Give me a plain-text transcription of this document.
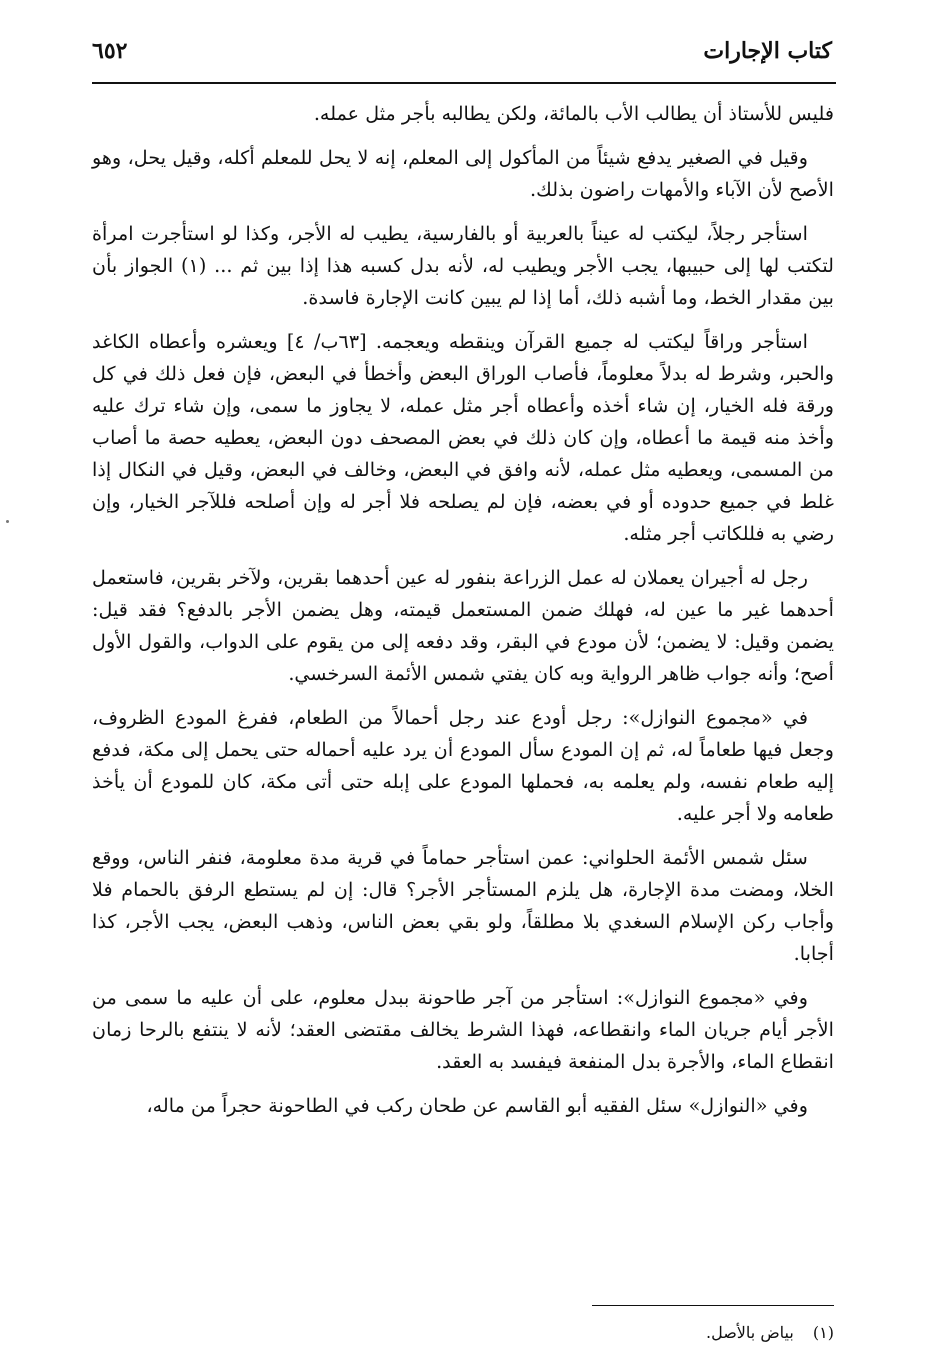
كتاب الإجارات
٦٥٢

فليس للأستاذ أن يطالب الأب بالمائة، ولكن يطالبه بأجر مثل عمله.

وقيل في الصغير يدفع شيئاً من المأكول إلى المعلم، إنه لا يحل للمعلم أكله، وقيل يحل، وهو الأصح لأن الآباء والأمهات راضون بذلك.

استأجر رجلاً، ليكتب له عيناً بالعربية أو بالفارسية، يطيب له الأجر، وكذا لو استأجرت امرأة لتكتب لها إلى حبيبها، يجب الأجر ويطيب له، لأنه بدل كسبه هذا إذا بين ثم ... (١) الجواز بأن بين مقدار الخط، وما أشبه ذلك، أما إذا لم يبين كانت الإجارة فاسدة.

استأجر وراقاً ليكتب له جميع القرآن وينقطه ويعجمه. [٦٣ب/ ٤] ويعشره وأعطاه الكاغد والحبر، وشرط له بدلاً معلوماً، فأصاب الوراق البعض وأخطأ في البعض، فإن فعل ذلك في كل ورقة فله الخيار، إن شاء أخذه وأعطاه أجر مثل عمله، لا يجاوز ما سمى، وإن شاء ترك عليه وأخذ منه قيمة ما أعطاه، وإن كان ذلك في بعض المصحف دون البعض، يعطيه حصة ما أصاب من المسمى، ويعطيه مثل عمله، لأنه وافق في البعض، وخالف في البعض، وقيل في النكال إذا غلط في جميع حدوده أو في بعضه، فإن لم يصلحه فلا أجر له وإن أصلحه فللآجر الخيار، وإن رضي به فللكاتب أجر مثله.

رجل له أجيران يعملان له عمل الزراعة بنفور له عين أحدهما بقرين، ولآخر بقرين، فاستعمل أحدهما غير ما عين له، فهلك ضمن المستعمل قيمته، وهل يضمن الأجر بالدفع؟ فقد قيل: يضمن وقيل: لا يضمن؛ لأن مودع في البقر، وقد دفعه إلى من يقوم على الدواب، والقول الأول أصح؛ وأنه جواب ظاهر الرواية وبه كان يفتي شمس الأئمة السرخسي.

في «مجموع النوازل»: رجل أودع عند رجل أحمالاً من الطعام، ففرغ المودع الظروف، وجعل فيها طعاماً له، ثم إن المودع سأل المودع أن يرد عليه أحماله حتى يحمل إلى مكة، فدفع إليه طعام نفسه، ولم يعلمه به، فحملها المودع على إبله حتى أتى مكة، كان للمودع أن يأخذ طعامه ولا أجر عليه.

سئل شمس الأئمة الحلواني: عمن استأجر حماماً في قرية مدة معلومة، فنفر الناس، ووقع الخلا، ومضت مدة الإجارة، هل يلزم المستأجر الأجر؟ قال: إن لم يستطع الرفق بالحمام فلا وأجاب ركن الإسلام السغدي بلا مطلقاً، ولو بقي بعض الناس، وذهب البعض، يجب الأجر، كذا أجابا.

وفي «مجموع النوازل»: استأجر من آجر طاحونة ببدل معلوم، على أن عليه ما سمى من الأجر أيام جريان الماء وانقطاعه، فهذا الشرط يخالف مقتضى العقد؛ لأنه لا ينتفع بالرحا زمان انقطاع الماء، والأجرة بدل المنفعة فيفسد به العقد.

وفي «النوازل» سئل الفقيه أبو القاسم عن طحان ركب في الطاحونة حجراً من ماله،

(١) بياض بالأصل.
